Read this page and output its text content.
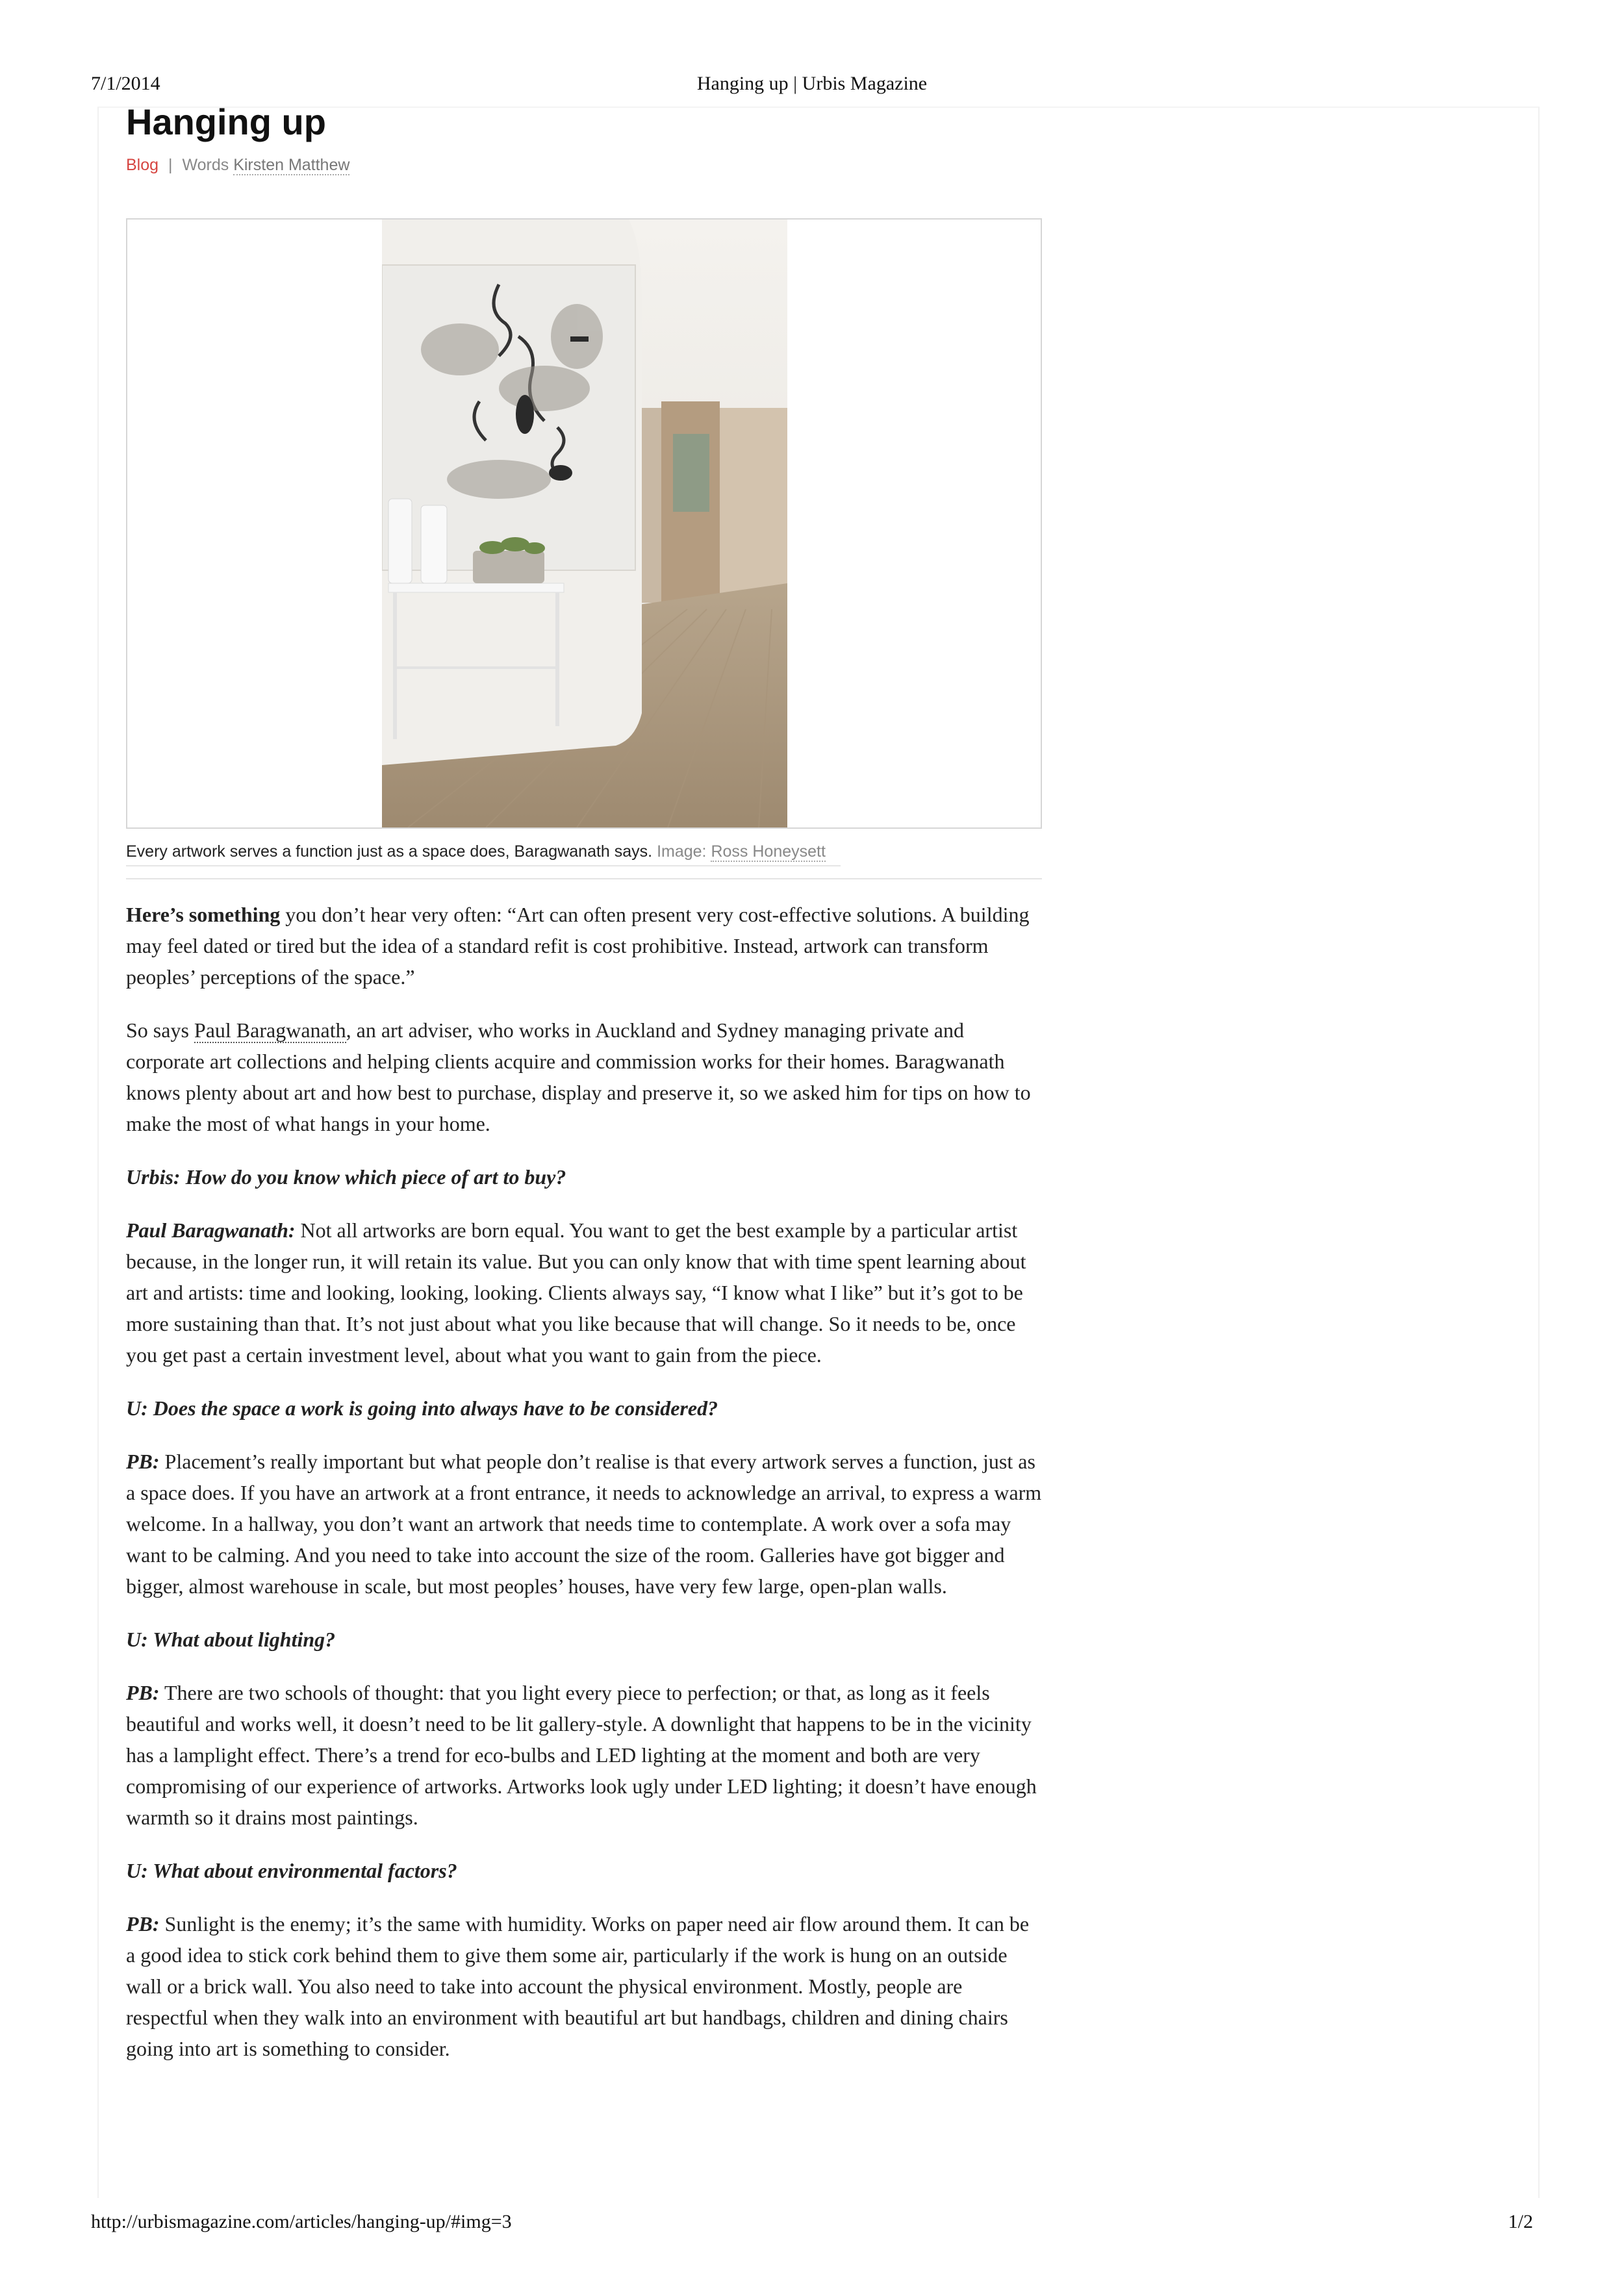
7/1/2014	Hanging up | Urbis Magazine
Hanging up
Blog | Words Kirsten Matthew
Every artwork serves a function just as a space does, Baragwanath says. Image: Ross Honeysett

Here’s something you don’t hear very often: “Art can often present very cost-effective solutions. A building may feel dated or tired but the idea of a standard refit is cost prohibitive. Instead, artwork can transform peoples’ perceptions of the space.”

So says Paul Baragwanath, an art adviser, who works in Auckland and Sydney managing private and corporate art collections and helping clients acquire and commission works for their homes. Baragwanath knows plenty about art and how best to purchase, display and preserve it, so we asked him for tips on how to make the most of what hangs in your home.

Urbis: How do you know which piece of art to buy?

Paul Baragwanath: Not all artworks are born equal. You want to get the best example by a particular artist because, in the longer run, it will retain its value. But you can only know that with time spent learning about art and artists: time and looking, looking, looking. Clients always say, “I know what I like” but it’s got to be more sustaining than that. It’s not just about what you like because that will change. So it needs to be, once you get past a certain investment level, about what you want to gain from the piece.

U: Does the space a work is going into always have to be considered?

PB: Placement’s really important but what people don’t realise is that every artwork serves a function, just as a space does. If you have an artwork at a front entrance, it needs to acknowledge an arrival, to express a warm welcome. In a hallway, you don’t want an artwork that needs time to contemplate. A work over a sofa may want to be calming. And you need to take into account the size of the room. Galleries have got bigger and bigger, almost warehouse in scale, but most peoples’ houses, have very few large, open-plan walls.

U: What about lighting?

PB: There are two schools of thought: that you light every piece to perfection; or that, as long as it feels beautiful and works well, it doesn’t need to be lit gallery-style. A downlight that happens to be in the vicinity has a lamplight effect. There’s a trend for eco-bulbs and LED lighting at the moment and both are very compromising of our experience of artworks. Artworks look ugly under LED lighting; it doesn’t have enough warmth so it drains most paintings.

U: What about environmental factors?

PB: Sunlight is the enemy; it’s the same with humidity. Works on paper need air flow around them. It can be a good idea to stick cork behind them to give them some air, particularly if the work is hung on an outside wall or a brick wall. You also need to take into account the physical environment. Mostly, people are respectful when they walk into an environment with beautiful art but handbags, children and dining chairs going into art is something to consider.

http://urbismagazine.com/articles/hanging-up/#img=3	1/2
